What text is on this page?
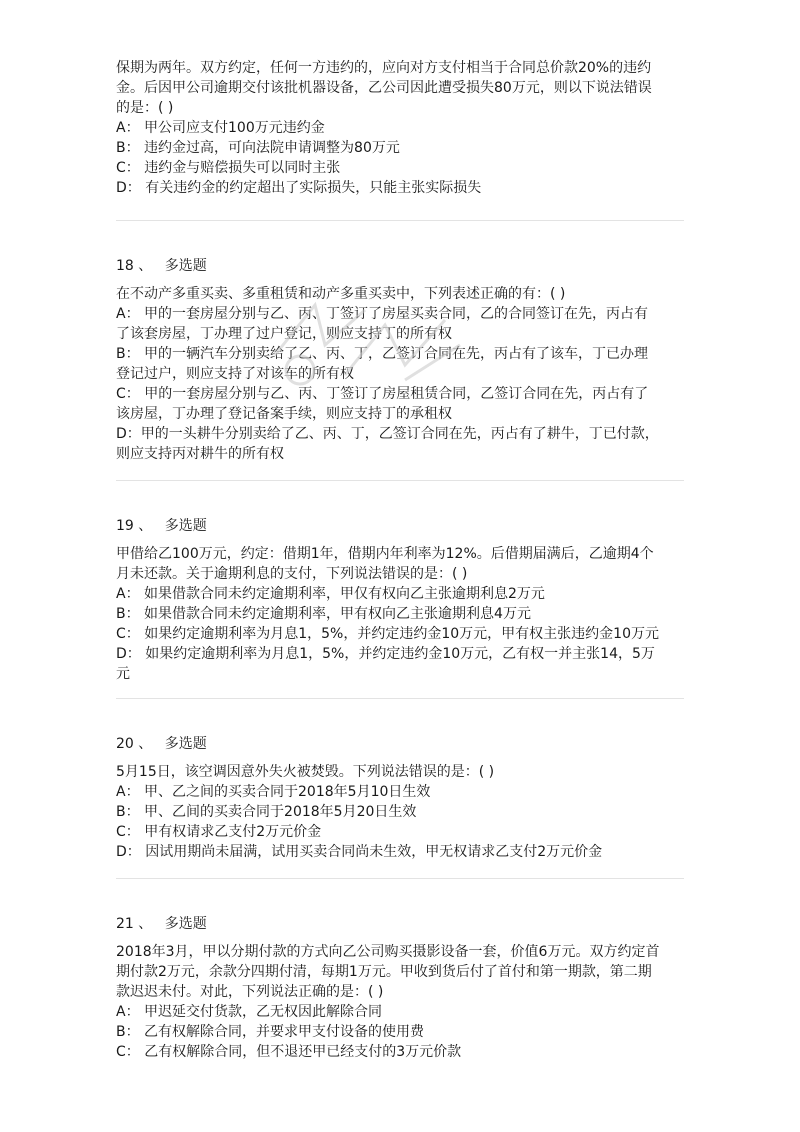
保期为两年。双方约定，任何一方违约的，应向对方支付相当于合同总价款20%的违约
金。后因甲公司逾期交付该批机器设备，乙公司因此遭受损失80万元，则以下说法错误
的是：( )
A： 甲公司应支付100万元违约金
B： 违约金过高，可向法院申请调整为80万元
C： 违约金与赔偿损失可以同时主张
D： 有关违约金的约定超出了实际损失，只能主张实际损失
18 、 多选题
在不动产多重买卖、多重租赁和动产多重买卖中，下列表述正确的有：( )
A： 甲的一套房屋分别与乙、丙、丁签订了房屋买卖合同，乙的合同签订在先，丙占有
了该套房屋，丁办理了过户登记，则应支持丁的所有权
B： 甲的一辆汽车分别卖给了乙、丙、丁，乙签订合同在先，丙占有了该车，丁已办理
登记过户，则应支持了对该车的所有权
C： 甲的一套房屋分别与乙、丙、丁签订了房屋租赁合同，乙签订合同在先，丙占有了
该房屋，丁办理了登记备案手续，则应支持丁的承租权
D：甲的一头耕牛分别卖给了乙、丙、丁，乙签订合同在先，丙占有了耕牛，丁已付款，
则应支持丙对耕牛的所有权
19 、 多选题
甲借给乙100万元，约定：借期1年，借期内年利率为12%。后借期届满后，乙逾期4个
月未还款。关于逾期利息的支付，下列说法错误的是：( )
A： 如果借款合同未约定逾期利率，甲仅有权向乙主张逾期利息2万元
B： 如果借款合同未约定逾期利率，甲有权向乙主张逾期利息4万元
C： 如果约定逾期利率为月息1，5%，并约定违约金10万元，甲有权主张违约金10万元
D： 如果约定逾期利率为月息1，5%，并约定违约金10万元，乙有权一并主张14，5万
元
20 、 多选题
5月15日，该空调因意外失火被焚毁。下列说法错误的是：( )
A： 甲、乙之间的买卖合同于2018年5月10日生效
B： 甲、乙间的买卖合同于2018年5月20日生效
C： 甲有权请求乙支付2万元价金
D： 因试用期尚未届满，试用买卖合同尚未生效，甲无权请求乙支付2万元价金
21 、 多选题
2018年3月，甲以分期付款的方式向乙公司购买摄影设备一套，价值6万元。双方约定首
期付款2万元，余款分四期付清，每期1万元。甲收到货后付了首付和第一期款，第二期
款迟迟未付。对此，下列说法正确的是：( )
A： 甲迟延交付货款，乙无权因此解除合同
B： 乙有权解除合同，并要求甲支付设备的使用费
C： 乙有权解除合同，但不退还甲已经支付的3万元价款
